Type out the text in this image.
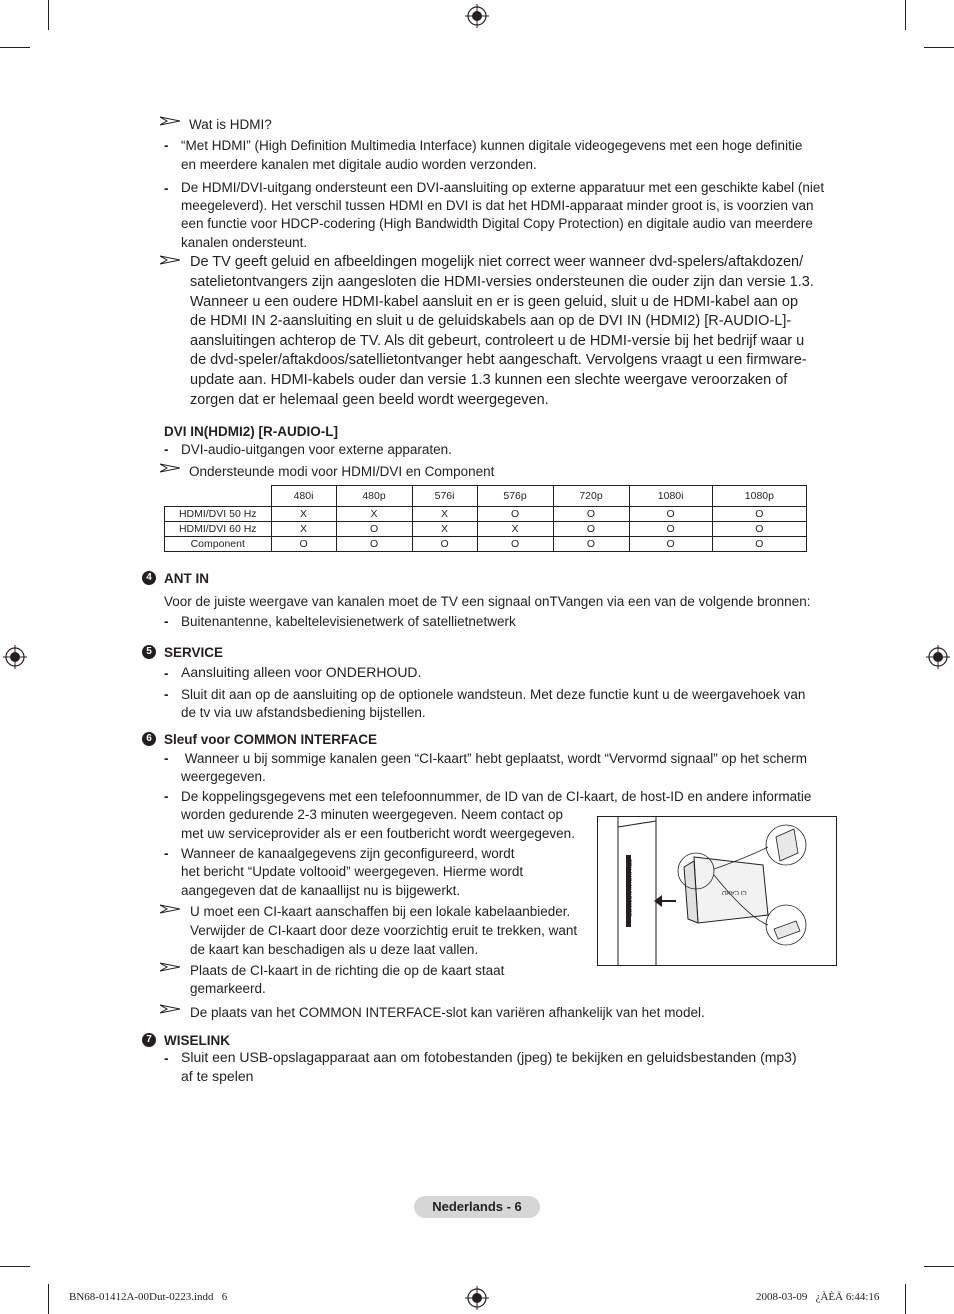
Wat is HDMI?
- “Met HDMI” (High Definition Multimedia Interface) kunnen digitale videogegevens met een hoge definitie
en meerdere kanalen met digitale audio worden verzonden.
- De HDMI/DVI-uitgang ondersteunt een DVI-aansluiting op externe apparatuur met een geschikte kabel (niet
meegeleverd). Het verschil tussen HDMI en DVI is dat het HDMI-apparaat minder groot is, is voorzien van
een functie voor HDCP-codering (High Bandwidth Digital Copy Protection) en digitale audio van meerdere
kanalen ondersteunt.
De TV geeft geluid en afbeeldingen mogelijk niet correct weer wanneer dvd-spelers/aftakdozen/
satelietontvangers zijn aangesloten die HDMI-versies ondersteunen die ouder zijn dan versie 1.3.
Wanneer u een oudere HDMI-kabel aansluit en er is geen geluid, sluit u de HDMI-kabel aan op
de HDMI IN 2-aansluiting en sluit u de geluidskabels aan op de DVI IN (HDMI2) [R-AUDIO-L]-
aansluitingen achterop de TV. Als dit gebeurt, controleert u de HDMI-versie bij het bedrijf waar u
de dvd-speler/aftakdoos/satellietontvanger hebt aangeschaft. Vervolgens vraagt u een firmware-
update aan. HDMI-kabels ouder dan versie 1.3 kunnen een slechte weergave veroorzaken of
zorgen dat er helemaal geen beeld wordt weergegeven.
DVI IN(HDMI2) [R-AUDIO-L]
- DVI-audio-uitgangen voor externe apparaten.
Ondersteunde modi voor HDMI/DVI en Component
	480i	480p	576i	576p	720p	1080i	1080p
HDMI/DVI 50 Hz	X	X	X	O	O	O	O
HDMI/DVI 60 Hz	X	O	X	X	O	O	O
Component	O	O	O	O	O	O	O
4 ANT IN
Voor de juiste weergave van kanalen moet de TV een signaal onTVangen via een van de volgende bronnen:
- Buitenantenne, kabeltelevisienetwerk of satellietnetwerk
5 SERVICE
- Aansluiting alleen voor ONDERHOUD.
- Sluit dit aan op de aansluiting op de optionele wandsteun. Met deze functie kunt u de weergavehoek van
de tv via uw afstandsbediening bijstellen.
6 Sleuf voor COMMON INTERFACE
- Wanneer u bij sommige kanalen geen “CI-kaart” hebt geplaatst, wordt “Vervormd signaal” op het scherm
weergegeven.
- De koppelingsgegevens met een telefoonnummer, de ID van de CI-kaart, de host-ID en andere informatie
worden gedurende 2-3 minuten weergegeven. Neem contact op
met uw serviceprovider als er een foutbericht wordt weergegeven.
- Wanneer de kanaalgegevens zijn geconfigureerd, wordt
het bericht “Update voltooid” weergegeven. Hierme wordt
aangegeven dat de kanaallijst nu is bijgewerkt.
U moet een CI-kaart aanschaffen bij een lokale kabelaanbieder.
Verwijder de CI-kaart door deze voorzichtig eruit te trekken, want
de kaart kan beschadigen als u deze laat vallen.
Plaats de CI-kaart in de richting die op de kaart staat
gemarkeerd.
De plaats van het COMMON INTERFACE-slot kan variëren afhankelijk van het model.
COMMON INTERFACE	CI CARD
7 WISELINK
- Sluit een USB-opslagapparaat aan om fotobestanden (jpeg) te bekijken en geluidsbestanden (mp3)
af te spelen
Nederlands - 6
BN68-01412A-00Dut-0223.indd   6	2008-03-09   ¿ÀÈÄ 6:44:16
